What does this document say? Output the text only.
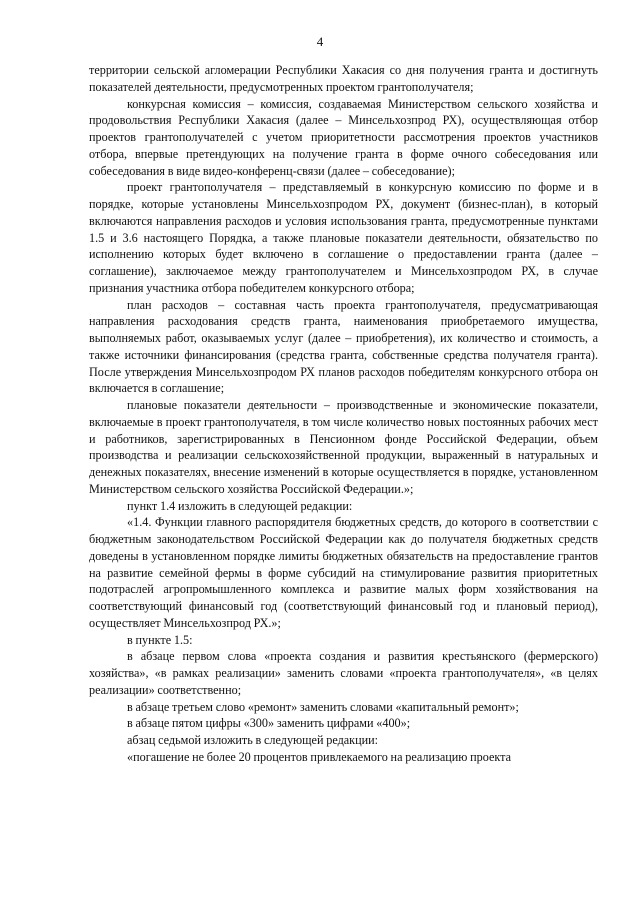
4

территории сельской агломерации Республики Хакасия со дня получения гранта и достигнуть показателей деятельности, предусмотренных проектом грантополучателя;

конкурсная комиссия – комиссия, создаваемая Министерством сельского хозяйства и продовольствия Республики Хакасия (далее – Минсельхозпрод РХ), осуществляющая отбор проектов грантополучателей с учетом приоритетности рассмотрения проектов участников отбора, впервые претендующих на получение гранта в форме очного собеседования или собеседования в виде видео-конференц-связи (далее – собеседование);

проект грантополучателя – представляемый в конкурсную комиссию по форме и в порядке, которые установлены Минсельхозпродом РХ, документ (бизнес-план), в который включаются направления расходов и условия использования гранта, предусмотренные пунктами 1.5 и 3.6 настоящего Порядка, а также плановые показатели деятельности, обязательство по исполнению которых будет включено в соглашение о предоставлении гранта (далее – соглашение), заключаемое между грантополучателем и Минсельхозпродом РХ, в случае признания участника отбора победителем конкурсного отбора;

план расходов – составная часть проекта грантополучателя, предусматривающая направления расходования средств гранта, наименования приобретаемого имущества, выполняемых работ, оказываемых услуг (далее – приобретения), их количество и стоимость, а также источники финансирования (средства гранта, собственные средства получателя гранта). После утверждения Минсельхозпродом РХ планов расходов победителям конкурсного отбора он включается в соглашение;

плановые показатели деятельности – производственные и экономические показатели, включаемые в проект грантополучателя, в том числе количество новых постоянных рабочих мест и работников, зарегистрированных в Пенсионном фонде Российской Федерации, объем производства и реализации сельскохозяйственной продукции, выраженный в натуральных и денежных показателях, внесение изменений в которые осуществляется в порядке, установленном Министерством сельского хозяйства Российской Федерации.»;

пункт 1.4 изложить в следующей редакции:

«1.4. Функции главного распорядителя бюджетных средств, до которого в соответствии с бюджетным законодательством Российской Федерации как до получателя бюджетных средств доведены в установленном порядке лимиты бюджетных обязательств на предоставление грантов на развитие семейной фермы в форме субсидий на стимулирование развития приоритетных подотраслей агропромышленного комплекса и развитие малых форм хозяйствования на соответствующий финансовый год (соответствующий финансовый год и плановый период), осуществляет Минсельхозпрод РХ.»;

в пункте 1.5:

в абзаце первом слова «проекта создания и развития крестьянского (фермерского) хозяйства», «в рамках реализации» заменить словами «проекта грантополучателя», «в целях реализации» соответственно;

в абзаце третьем слово «ремонт» заменить словами «капитальный ремонт»;

в абзаце пятом цифры «300» заменить цифрами «400»;

абзац седьмой изложить в следующей редакции:

«погашение не более 20 процентов привлекаемого на реализацию проекта
